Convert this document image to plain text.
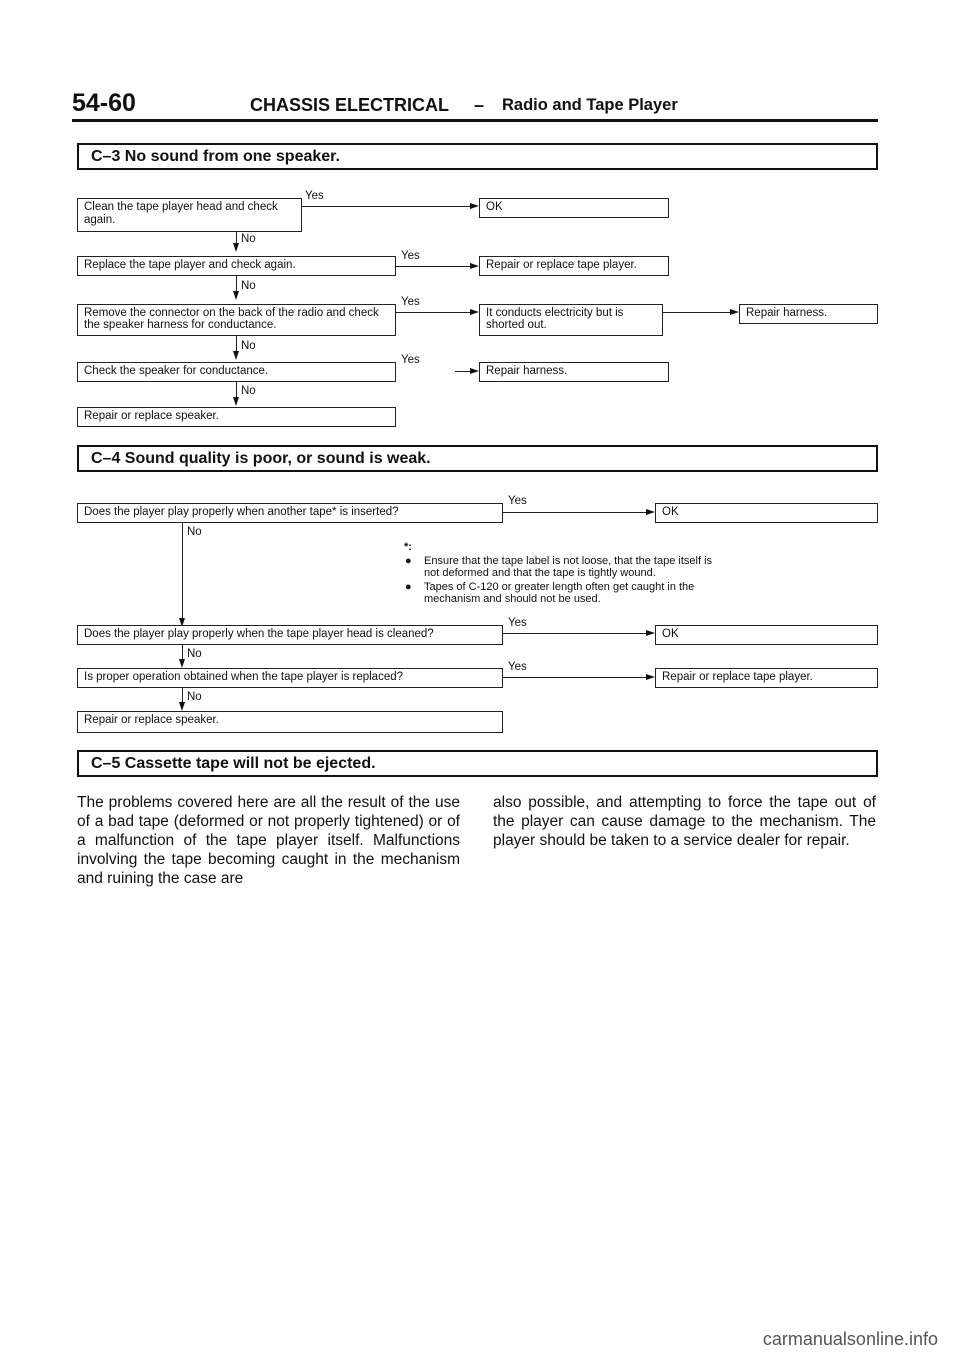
54-60	CHASSIS ELECTRICAL – Radio and Tape Player
C–3 No sound from one speaker.
Clean the tape player head and check again.
Yes
OK
No
Replace the tape player and check again.
Yes
Repair or replace tape player.
No
Remove the connector on the back of the radio and check the speaker harness for conductance.
Yes
It conducts electricity but is shorted out.
Repair harness.
No
Check the speaker for conductance.
Yes
Repair harness.
No
Repair or replace speaker.
C–4 Sound quality is poor, or sound is weak.
Does the player play properly when another tape* is inserted?
Yes
OK
No
*:
● Ensure that the tape label is not loose, that the tape itself is not deformed and that the tape is tightly wound.
● Tapes of C-120 or greater length often get caught in the mechanism and should not be used.
Does the player play properly when the tape player head is cleaned?
Yes
OK
No
Is proper operation obtained when the tape player is replaced?
Yes
Repair or replace tape player.
No
Repair or replace speaker.
C–5 Cassette tape will not be ejected.
The problems covered here are all the result of the use of a bad tape (deformed or not properly tightened) or of a malfunction of the tape player itself. Malfunctions involving the tape becoming caught in the mechanism and ruining the case are
also possible, and attempting to force the tape out of the player can cause damage to the mechanism. The player should be taken to a service dealer for repair.
carmanualsonline.info
